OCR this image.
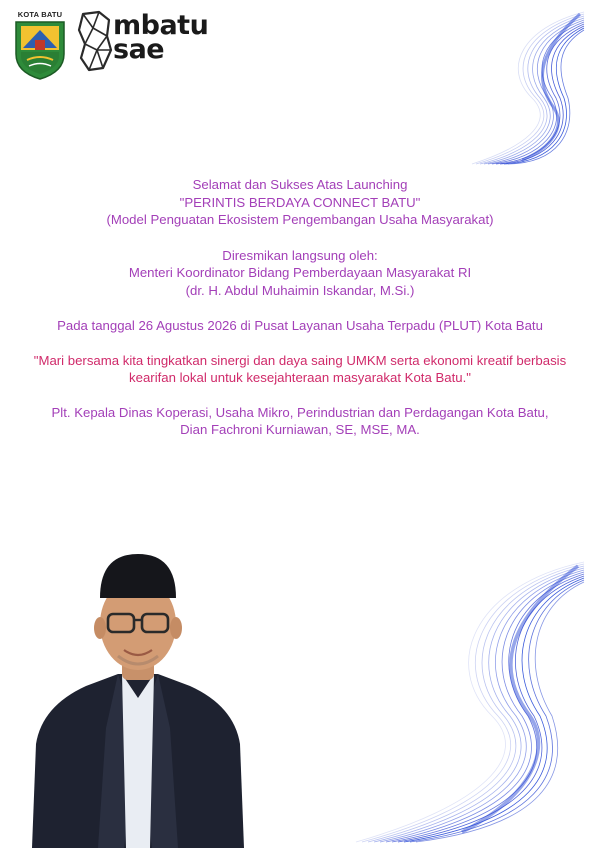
KOTA BATU mbatu
sae

Selamat dan Sukses Atas Launching

"PERINTIS BERDAYA CONNECT BATU"

(Model Penguatan Ekosistem Pengembangan Usaha Masyarakat)

Diresmikan langsung oleh:

Menteri Koordinator Bidang Pemberdayaan Masyarakat RI

(dr. H. Abdul Muhaimin Iskandar, M.Si.)

Pada tanggal 26 Agustus 2026 di Pusat Layanan Usaha Terpadu (PLUT) Kota Batu

"Mari bersama kita tingkatkan sinergi dan daya saing UMKM serta ekonomi kreatif berbasis

kearifan lokal untuk kesejahteraan masyarakat Kota Batu."

Plt. Kepala Dinas Koperasi, Usaha Mikro, Perindustrian dan Perdagangan Kota Batu,

Dian Fachroni Kurniawan, SE, MSE, MA.
